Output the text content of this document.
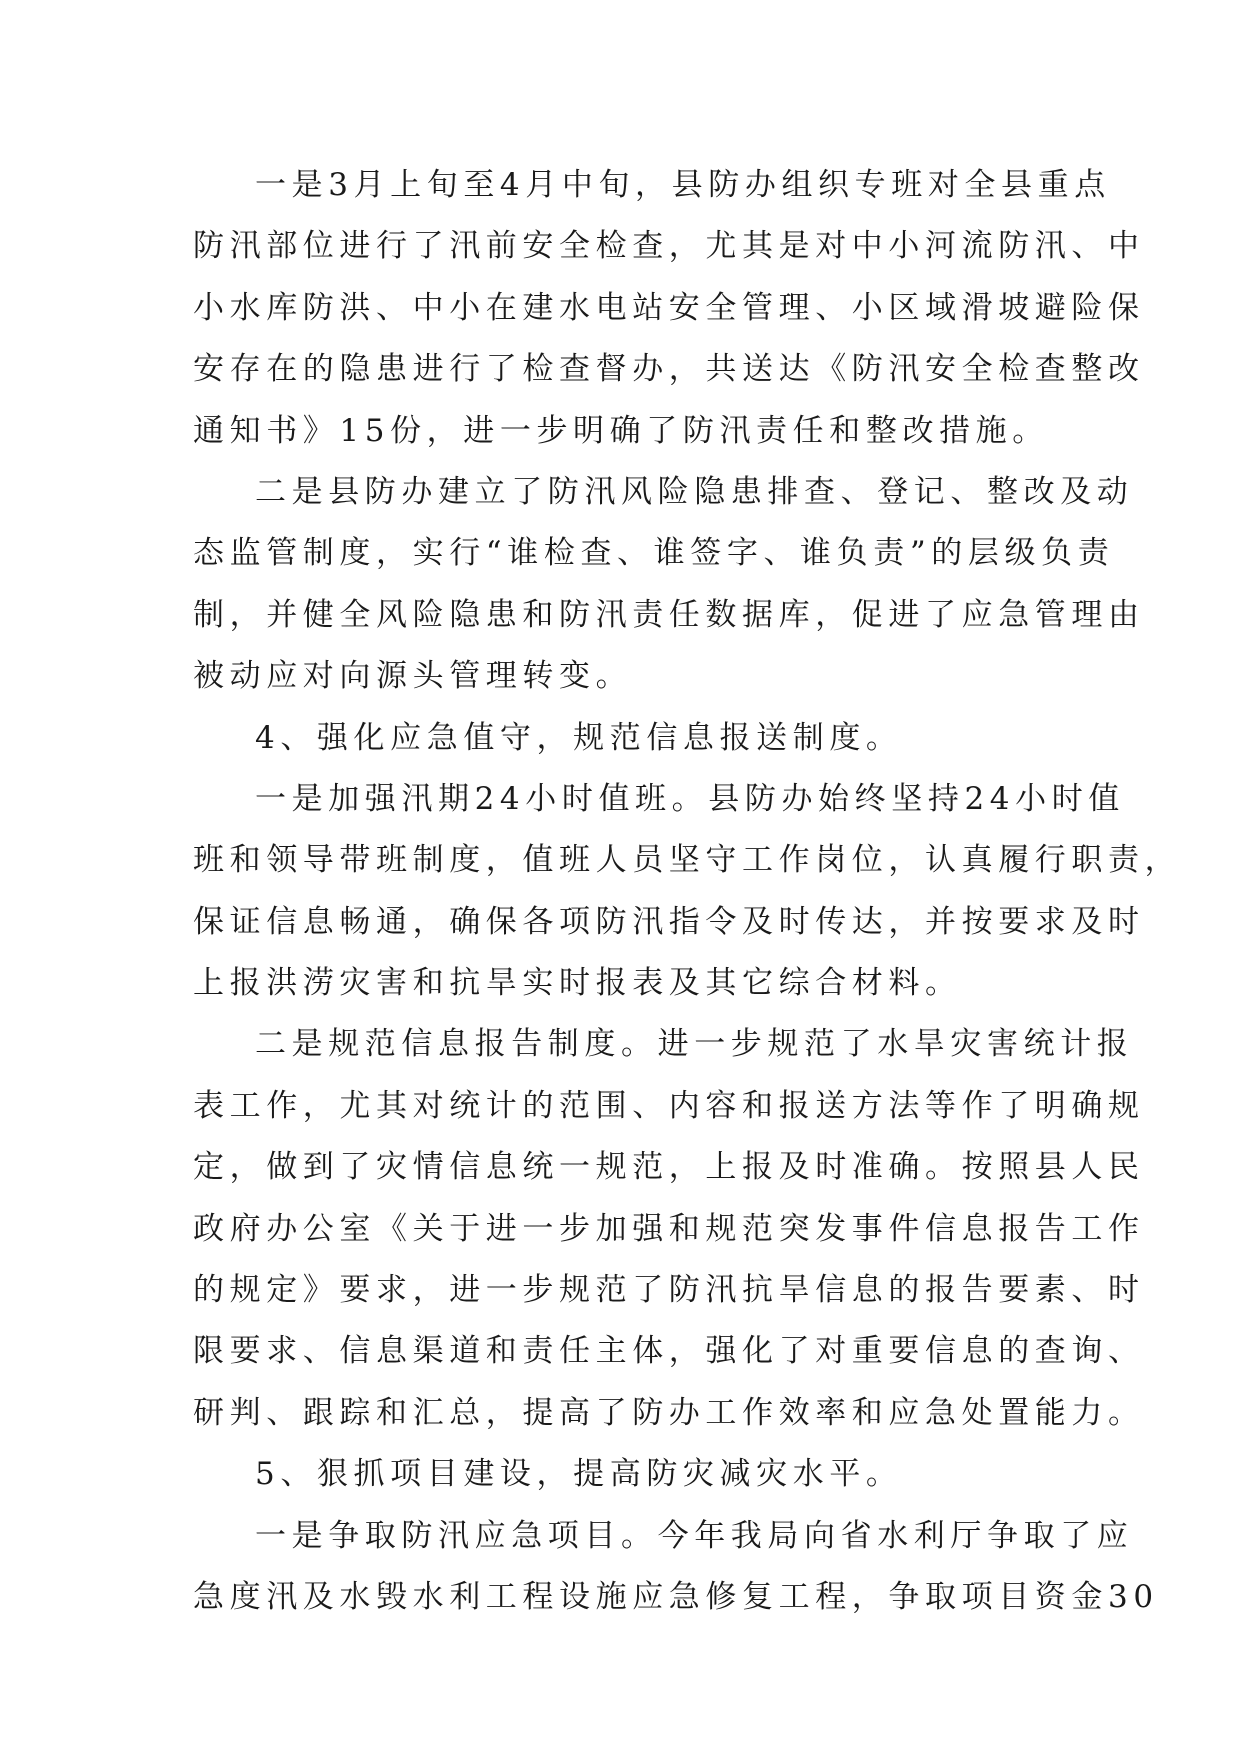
一是3月上旬至4月中旬，县防办组织专班对全县重点
防汛部位进行了汛前安全检查，尤其是对中小河流防汛、中
小水库防洪、中小在建水电站安全管理、小区域滑坡避险保
安存在的隐患进行了检查督办，共送达《防汛安全检查整改
通知书》15份，进一步明确了防汛责任和整改措施。
二是县防办建立了防汛风险隐患排查、登记、整改及动
态监管制度，实行“谁检查、谁签字、谁负责”的层级负责
制，并健全风险隐患和防汛责任数据库，促进了应急管理由
被动应对向源头管理转变。
4、强化应急值守，规范信息报送制度。
一是加强汛期24小时值班。县防办始终坚持24小时值
班和领导带班制度，值班人员坚守工作岗位，认真履行职责，
保证信息畅通，确保各项防汛指令及时传达，并按要求及时
上报洪涝灾害和抗旱实时报表及其它综合材料。
二是规范信息报告制度。进一步规范了水旱灾害统计报
表工作，尤其对统计的范围、内容和报送方法等作了明确规
定，做到了灾情信息统一规范，上报及时准确。按照县人民
政府办公室《关于进一步加强和规范突发事件信息报告工作
的规定》要求，进一步规范了防汛抗旱信息的报告要素、时
限要求、信息渠道和责任主体，强化了对重要信息的查询、
研判、跟踪和汇总，提高了防办工作效率和应急处置能力。
5、狠抓项目建设，提高防灾减灾水平。
一是争取防汛应急项目。今年我局向省水利厅争取了应
急度汛及水毁水利工程设施应急修复工程，争取项目资金30
